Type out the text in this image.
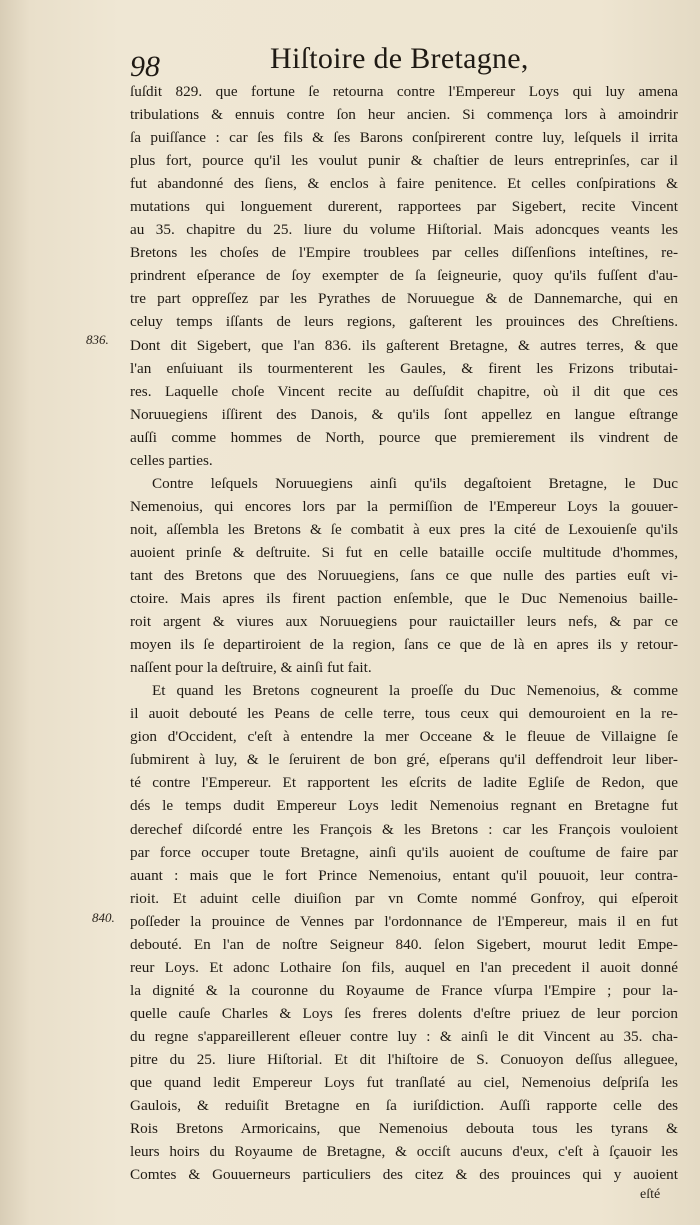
98	Hiſtoire de Bretagne,
836.
840.
ſuſdit 829. que fortune ſe retourna contre l'Empereur Loys qui luy amena
tribulations & ennuis contre ſon heur ancien. Si commença lors à amoindrir
ſa puiſſance : car ſes fils & ſes Barons conſpirerent contre luy, leſquels il irrita
plus fort, pource qu'il les voulut punir & chaſtier de leurs entreprinſes, car il
fut abandonné des ſiens, & enclos à faire penitence. Et celles conſpirations &
mutations qui longuement durerent, rapportees par Sigebert, recite Vincent
au 35. chapitre du 25. liure du volume Hiſtorial. Mais adoncques veants les
Bretons les choſes de l'Empire troublees par celles diſſenſions inteſtines, re-
prindrent eſperance de ſoy exempter de ſa ſeigneurie, quoy qu'ils fuſſent d'au-
tre part oppreſſez par les Pyrathes de Noruuegue & de Dannemarche, qui en
celuy temps iſſants de leurs regions, gaſterent les prouinces des Chreſtiens.
Dont dit Sigebert, que l'an 836. ils gaſterent Bretagne, & autres terres, & que
l'an enſuiuant ils tourmenterent les Gaules, & firent les Frizons tributai-
res. Laquelle choſe Vincent recite au deſſuſdit chapitre, où il dit que ces
Noruuegiens iſſirent des Danois, & qu'ils ſont appellez en langue eſtrange
auſſi comme hommes de North, pource que premierement ils vindrent de
celles parties.
Contre leſquels Noruuegiens ainſi qu'ils degaſtoient Bretagne, le Duc
Nemenoius, qui encores lors par la permiſſion de l'Empereur Loys la gouuer-
noit, aſſembla les Bretons & ſe combatit à eux pres la cité de Lexouienſe qu'ils
auoient prinſe & deſtruite. Si fut en celle bataille occiſe multitude d'hommes,
tant des Bretons que des Noruuegiens, ſans ce que nulle des parties euſt vi-
ctoire. Mais apres ils firent paction enſemble, que le Duc Nemenoius baille-
roit argent & viures aux Noruuegiens pour rauictailler leurs nefs, & par ce
moyen ils ſe departiroient de la region, ſans ce que de là en apres ils y retour-
naſſent pour la deſtruire, & ainſi fut fait.
Et quand les Bretons cogneurent la proeſſe du Duc Nemenoius, & comme
il auoit debouté les Peans de celle terre, tous ceux qui demouroient en la re-
gion d'Occident, c'eſt à entendre la mer Occeane & le fleuue de Villaigne ſe
ſubmirent à luy, & le ſeruirent de bon gré, eſperans qu'il deffendroit leur liber-
té contre l'Empereur. Et rapportent les eſcrits de ladite Egliſe de Redon, que
dés le temps dudit Empereur Loys ledit Nemenoius regnant en Bretagne fut
derechef diſcordé entre les François & les Bretons : car les François vouloient
par force occuper toute Bretagne, ainſi qu'ils auoient de couſtume de faire par
auant : mais que le fort Prince Nemenoius, entant qu'il pouuoit, leur contra-
rioit. Et aduint celle diuiſion par vn Comte nommé Gonfroy, qui eſperoit
poſſeder la prouince de Vennes par l'ordonnance de l'Empereur, mais il en fut
debouté. En l'an de noſtre Seigneur 840. ſelon Sigebert, mourut ledit Empe-
reur Loys. Et adonc Lothaire ſon fils, auquel en l'an precedent il auoit donné
la dignité & la couronne du Royaume de France vſurpa l'Empire ; pour la-
quelle cauſe Charles & Loys ſes freres dolents d'eſtre priuez de leur porcion
du regne s'appareillerent eſleuer contre luy : & ainſi le dit Vincent au 35. cha-
pitre du 25. liure Hiſtorial. Et dit l'hiſtoire de S. Conuoyon deſſus alleguee,
que quand ledit Empereur Loys fut tranſlaté au ciel, Nemenoius deſpriſa les
Gaulois, & reduiſit Bretagne en ſa iuriſdiction. Auſſi rapporte celle des
Rois Bretons Armoricains, que Nemenoius debouta tous les tyrans &
leurs hoirs du Royaume de Bretagne, & occiſt aucuns d'eux, c'eſt à ſçauoir les
Comtes & Gouuerneurs particuliers des citez & des prouinces qui y auoient
eſté
